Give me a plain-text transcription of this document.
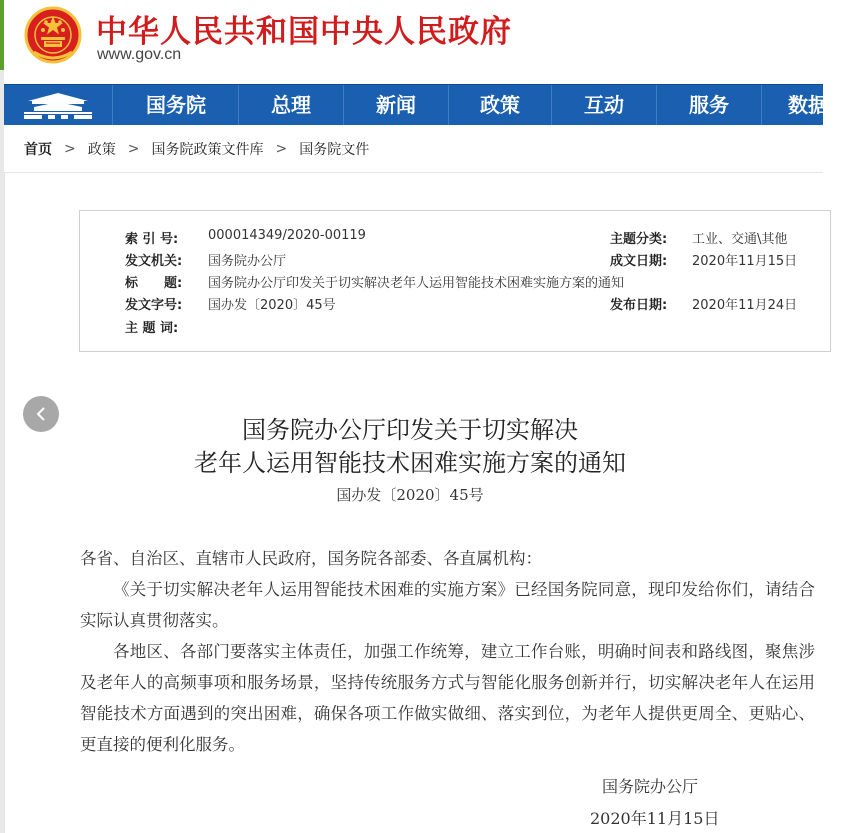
中华人民共和国中央人民政府
www.gov.cn
国务院	总理	新闻	政策	互动	服务	数据
首页 > 政策 > 国务院政策文件库 > 国务院文件
索 引 号: 000014349/2020-00119	主题分类: 工业、交通\其他
发文机关: 国务院办公厅	成文日期: 2020年11月15日
标　　题: 国务院办公厅印发关于切实解决老年人运用智能技术困难实施方案的通知
发文字号: 国办发〔2020〕45号	发布日期: 2020年11月24日
主 题 词:
国务院办公厅印发关于切实解决
老年人运用智能技术困难实施方案的通知
国办发〔2020〕45号

各省、自治区、直辖市人民政府，国务院各部委、各直属机构：

《关于切实解决老年人运用智能技术困难的实施方案》已经国务院同意，现印发给你们，请结合实际认真贯彻落实。

各地区、各部门要落实主体责任，加强工作统筹，建立工作台账，明确时间表和路线图，聚焦涉及老年人的高频事项和服务场景，坚持传统服务方式与智能化服务创新并行，切实解决老年人在运用智能技术方面遇到的突出困难，确保各项工作做实做细、落实到位，为老年人提供更周全、更贴心、更直接的便利化服务。

国务院办公厅
2020年11月15日
